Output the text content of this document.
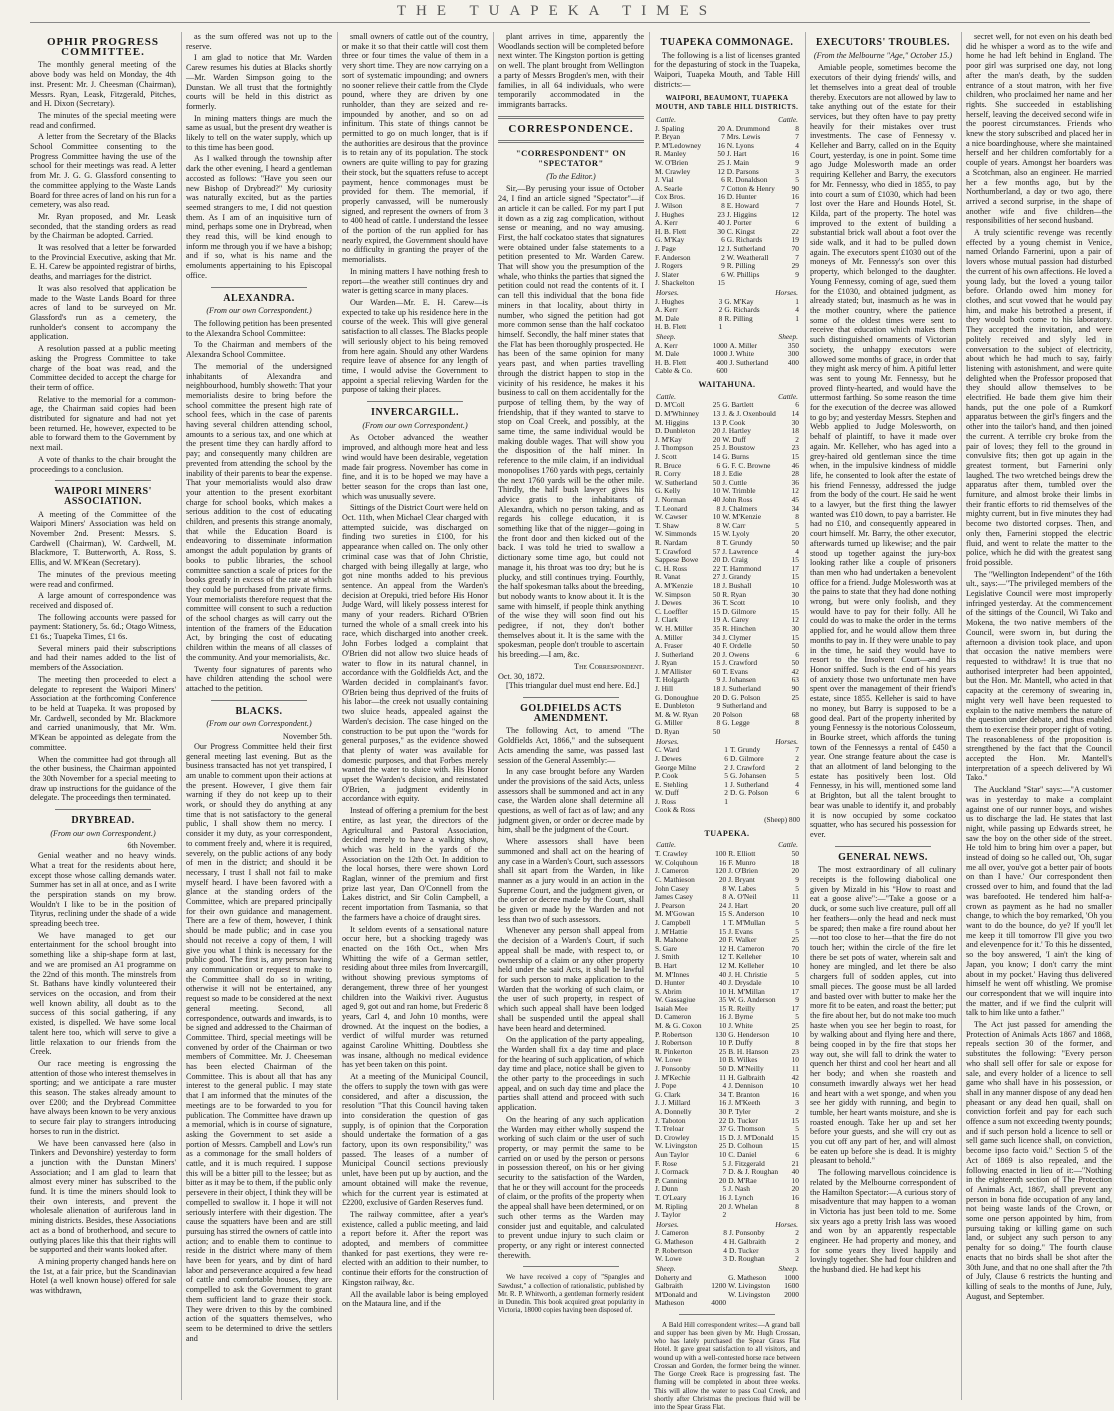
THE TUAPEKA TIMES
OPHIR PROGRESS COMMITTEE.

The monthly general meeting of the above body was held on Monday, the 4th inst. Present: Mr. J. Cheesman (Chairman), Messrs. Ryan, Leask, Fitzgerald, Pitches, and H. Dixon (Secretary).

The minutes of the special meeting were read and confirmed.

A letter from the Secretary of the Blacks School Committee consenting to the Progress Committee having the use of the school for their meetings was read. A letter from Mr. J. G. G. Glassford consenting to the committee applying to the Waste Lands Board for three acres of land on his run for a cemetery, was also read.

Mr. Ryan proposed, and Mr. Leask seconded, that the standing orders as read by the Chairman be adopted. Carried.

It was resolved that a letter be forwarded to the Provincial Executive, asking that Mr. E. H. Carew be appointed registrar of births, deaths, and marriages for the district.

It was also resolved that application be made to the Waste Lands Board for three acres of land to be surveyed on Mr. Glassford's run as a cemetery, the runholder's consent to accompany the application.

A resolution passed at a public meeting asking the Progress Committee to take charge of the boat was read, and the Committee decided to accept the charge for their term of office.

Relative to the memorial for a common-age, the Chairman said copies had been distributed for signature and had not yet been returned. He, however, expected to be able to forward them to the Government by next mail.

A vote of thanks to the chair brought the proceedings to a conclusion.

WAIPORI MINERS' ASSOCIATION.

A meeting of the Committee of the Waipori Miners' Association was held on November 2nd. Present: Messrs. S. Cardwell (Chairman), W. Cardwell, M. Blackmore, T. Butterworth, A. Ross, S. Ellis, and W. M'Kean (Secretary).

The minutes of the previous meeting were read and confirmed.

A large amount of correspondence was received and disposed of.

The following accounts were passed for payment: Stationery, 5s. 6d.; Otago Witness, £1 6s.; Tuapeka Times, £1 6s.

Several miners paid their subscriptions and had their names added to the list of members of the Association.

The meeting then proceeded to elect a delegate to represent the Waipori Miners' Association at the forthcoming Conference to be held at Tuapeka. It was proposed by Mr. Cardwell, seconded by Mr. Blackmore and carried unanimously, that Mr. Wm. M'Kean be appointed as delegate from the committee.

When the committee had got through all the other business, the Chairman appointed the 30th November for a special meeting to draw up instructions for the guidance of the delegate. The proceedings then terminated.

DRYBREAD.
(From our own Correspondent.)
6th November.

Genial weather and no heavy winds. What a treat for the residents about here, except those whose calling demands water. Summer has set in all at once, and as I write the perspiration stands on my brow. Wouldn't I like to be in the position of Tityrus, reclining under the shade of a wide spreading beech tree.

We have managed to get our entertainment for the school brought into something like a ship-shape form at last, and we are promised an A1 programme on the 22nd of this month. The minstrels from St. Bathans have kindly volunteered their services on the occasion, and from their well known ability, all doubt as to the success of this social gathering, if any existed, is dispelled. We have some local talent here too, which will serve to give a little relaxation to our friends from the Creek.

Our race meeting is engrossing the attention of those who interest themselves in sporting; and we anticipate a rare muster this season. The stakes already amount to over £200; and the Drybread Committee have always been known to be very anxious to secure fair play to strangers introducing horses to run in the district.

We have been canvassed here (also in Tinkers and Devonshire) yesterday to form a junction with the Dunstan Miners' Association; and I am glad to learn that almost every miner has subscribed to the fund. It is time the miners should look to their own interests, and prevent the wholesale alienation of auriferous land in mining districts. Besides, these Associations act as a bond of brotherhood, and secure to outlying places like this that their rights will be supported and their wants looked after.

A mining property changed hands here on the 1st, at a fair price, but the Scandinavian Hotel (a well known house) offered for sale was withdrawn,

as the sum offered was not up to the reserve.

I am glad to notice that Mr. Warden Carew resumes his duties at Blacks shortly—Mr. Warden Simpson going to the Dunstan. We all trust that the fortnightly courts will be held in this district as formerly.

In mining matters things are much the same as usual, but the present dry weather is likely to tell on the water supply, which up to this time has been good.

As I walked through the township after dark the other evening, I heard a gentleman accosted as follows: "Have you seen our new Bishop of Drybread?" My curiosity was naturally excited, but as the parties seemed strangers to me, I did not question them. As I am of an inquisitive turn of mind, perhaps some one in Drybread, when they read this, will be kind enough to inform me through you if we have a bishop; and if so, what is his name and the emoluments appertaining to his Episcopal office.

ALEXANDRA.
(From our own Correspondent.)

The following petition has been presented to the Alexandra School Committee:

To the Chairman and members of the Alexandra School Committee.

The memorial of the undersigned inhabitants of Alexandra and neighbourhood, humbly showeth: That your memorialists desire to bring before the school committee the present high rate of school fees, which in the case of parents having several children attending school, amounts to a serious tax, and one which at the present time they can hardly afford to pay; and consequently many children are prevented from attending the school by the inability of their parents to bear the expense. That your memorialists would also draw your attention to the present exorbitant charge for school books, which makes a serious addition to the cost of educating children, and presents this strange anomaly, that while the Education Board is endeavoring to disseminate information amongst the adult population by grants of books to public libraries, the school committee sanction a scale of prices for the books greatly in excess of the rate at which they could be purchased from private firms. Your memorialists therefore request that the committee will consent to such a reduction of the school charges as will carry out the intention of the framers of the Education Act, by bringing the cost of educating children within the means of all classes of the community. And your memorialists, &c.

Twenty four signatures of parents who have children attending the school were attached to the petition.

BLACKS.
(From our own Correspondent.)
November 5th.

Our Progress Committee held their first general meeting last evening. But as the business transacted has not yet transpired, I am unable to comment upon their actions at the present. However, I give them fair warning if they do not keep up to their work, or should they do anything at any time that is not satisfactory to the general public, I shall show them no mercy. I consider it my duty, as your correspondent, to comment freely and, where it is required, severely, on the public actions of any body of men in the district; and should it be necessary, I trust I shall not fail to make myself heard. I have been favored with a glance at the standing orders of the Committee, which are prepared principally for their own guidance and management. There are a few of them, however, I think should be made public; and in case you should not receive a copy of them, I will give you what I think is necessary for the public good. The first is, any person having any communication or request to make to the Committee shall do so in writing, otherwise it will not be entertained, any request so made to be considered at the next general meeting. Second, all correspondence, outwards and inwards, is to be signed and addressed to the Chairman of Committee. Third, special meetings will be convened by order of the Chairman or two members of Committee. Mr. J. Cheeseman has been elected Chairman of the Committee. This is about all that has any interest to the general public. I may state that I am informed that the minutes of the meetings are to be forwarded to you for publication. The Committee have drawn up a memorial, which is in course of signature, asking the Government to set aside a portion of Messrs. Campbell and Low's run as a commonage for the small holders of cattle, and it is much required. I suppose this will be a bitter pill to the lessee; but as bitter as it may be to them, if the public only persevere in their object, I think they will be compelled to swallow it. I hope it will not seriously interfere with their digestion. The cause the squatters have been and are still pursuing has stirred the owners of cattle into action; and to enable them to continue to reside in the district where many of them have been for years, and by dint of hard labor and perseverance acquired a few head of cattle and comfortable houses, they are compelled to ask the Government to grant them sufficient land to graze their stock. They were driven to this by the combined action of the squatters themselves, who seem to be determined to drive the settlers and

small owners of cattle out of the country, or make it so that their cattle will cost them three or four times the value of them in a very short time. They are now carrying on a sort of systematic impounding; and owners no sooner relieve their cattle from the Clyde pound, where they are driven by one runholder, than they are seized and re-impounded by another, and so on ad infinitum. This state of things cannot be permitted to go on much longer, that is if the authorities are desirous that the province is to retain any of its population. The stock owners are quite willing to pay for grazing their stock, but the squatters refuse to accept payment, hence commonages must be provided for them. The memorial, if properly canvassed, will be numerously signed, and represent the owners of from 3 to 400 head of cattle. I understand the lessee of the portion of the run applied for has nearly expired, the Government should have no difficulty in granting the prayer of the memorialists.

In mining matters I have nothing fresh to report—the weather still continues dry and water is getting scarce in many places.

Our Warden—Mr. E. H. Carew—is expected to take up his residence here in the course of the week. This will give general satisfaction to all classes. The Blacks people will seriously object to his being removed from here again. Should any other Wardens require leave of absence for any length of time, I would advise the Government to appoint a special relieving Warden for the purpose of taking their places.

INVERCARGILL.
(From our own Correspondent.)

As October advanced the weather improved, and although more heat and less wind would have been desirable, vegetation made fair progress. November has come in fine, and it is to be hoped we may have a better season for the crops than last one, which was unusually severe.

Sittings of the District Court were held on Oct. 11th, when Michael Clear charged with attempted suicide, was discharged on finding two sureties in £100, for his appearance when called on. The only other criminal case was that of John Christie, charged with being illegally at large, who got nine months added to his previous sentence. An appeal from the Warden's decision at Orepuki, tried before His Honor Judge Ward, will likely possess interest for many of your readers. Richard O'Brien turned the whole of a small creek into his race, which discharged into another creek. John Forbes lodged a complaint that O'Brien did not allow two sluice heads of water to flow in its natural channel, in accordance with the Goldfields Act, and the Warden decided in complainant's favor. O'Brien being thus deprived of the fruits of his labor—the creek not usually containing two sluice heads, appealed against the Warden's decision. The case hinged on the construction to be put upon the "words for general purposes," as the evidence showed that plenty of water was available for domestic purposes, and that Forbes merely wanted the water to sluice with. His Honor upset the Warden's decision, and reinstated O'Brien, a judgment evidently in accordance with equity.

Instead of offering a premium for the best entire, as last year, the directors of the Agricultural and Pastoral Association, decided merely to have a walking show, which was held in the yards of the Association on the 12th Oct. In addition to the local horses, there were shown Lord Raglan, winner of the premium and first prize last year, Dan O'Connell from the Lakes district, and Sir Colin Campbell, a recent importation from Tasmania, so that the farmers have a choice of draught sires.

It seldom events of a sensational nature occur here, but a shocking tragedy was enacted on the 16th Oct., when Mrs Whitting the wife of a German settler, residing about three miles from Invercargill, without showing previous symptoms of derangement, threw three of her youngest children into the Waikivi river. Augustus aged 9, got out and ran home, but Frederic 8 years, Carl 4, and John 10 months, were drowned. At the inquest on the bodies, a verdict of wilful murder was returned against Caroline Whitting. Doubtless she was insane, although no medical evidence has yet been taken on this point.

At a meeting of the Municipal Council, the offers to supply the town with gas were considered, and after a discussion, the resolution "That this Council having taken into consideration the question of gas supply, is of opinion that the Corporation should undertake the formation of a gas factory, upon its own responsibility," was passed. The leases of a number of Municipal Council sections previously unlet, have been put up by auction, and the amount obtained will make the revenue, which for the current year is estimated at £2200, exclusive of Garden Reserves fund.

The railway committee, after a year's existence, called a public meeting, and laid a report before it. After the report was adopted, and members of committee thanked for past exertions, they were re-elected with an addition to their number, to continue their efforts for the construction of Kingston railway, &c.

All the available labor is being employed on the Mataura line, and if the

plant arrives in time, apparently the Woodlands section will be completed before next winter. The Kingston portion is getting on well. The plant brought from Wellington a party of Messrs Brogden's men, with their families, in all 64 individuals, who were temporarily accommodated in the immigrants barracks.

CORRESPONDENCE.
"CORRESPONDENT" ON "SPECTATOR"
(To the Editor.)

Sir,—By perusing your issue of October 24, I find an article signed "Spectator"—if an article it can be called. For my part I put it down as a zig zag complication, without sense or meaning, and no way amusing. First, the half cockatoo states that signatures were obtained under false statements to a petition presented to Mr. Warden Carew. That will show you the presumption of the whale, who thinks the parties that signed the petition could not read the contents of it. I can tell this individual that the bona fide miners in that locality, about thirty in number, who signed the petition had got more common sense than the half cockatoo himself. Secondly, the half miner states that the Flat has been thoroughly prospected. He has been of the same opinion for many years past, and when parties travelling through the district happen to stop in the vicinity of his residence, he makes it his business to call on them accidentally for the purpose of telling them, by the way of friendship, that if they wanted to starve to stop on Coal Creek, and possibly, at the same time, the same individual would be making double wages. That will show you the disposition of the half miner. In reference to the mile claim, if an individual monopolises 1760 yards with pegs, certainly the next 1760 yards will be the other mile. Thirdly, the half bush lawyer gives his advice gratis to the inhabitants of Alexandra, which no person taking, and as regards his college education, it is something like that of the nigger—going in the front door and then kicked out of the back. I was told he tried to swallow a dictionary some time ago, but could not manage it, his throat was too dry; but he is plucky, and still continues trying. Fourthly, the half spokesman talks about the breeding, but nobody wants to know about it. It is the same with himself, if people think anything of the wise they will soon find out his pedigree, if not, they don't bother themselves about it. It is the same with the spokesman, people don't trouble to ascertain his breeding.—I am, &c.

The Correspondent.
Oct. 30, 1872.

[This triangular duel must end here. Ed.]

GOLDFIELDS ACTS AMENDMENT.

The following Act, to amend "The Goldfields Act, 1866," and the subsequent Acts amending the same, was passed last session of the General Assembly:—

In any case brought before any Warden under the provisions of the said Acts, unless assessors shall be summoned and act in any case, the Warden alone shall determine all questions, as well of fact as of law; and any judgment given, or order or decree made by him, shall be the judgment of the Court.

Where assessors shall have been summoned and shall act on the hearing of any case in a Warden's Court, such assessors shall sit apart from the Warden, in like manner as a jury would in an action in the Supreme Court, and the judgment given, or the order or decree made by the Court, shall be given or made by the Warden and not less than two of such assessors.

Whenever any person shall appeal from the decision of a Warden's Court, if such appeal shall be made, with respect to, or ownership of a claim or any other property held under the said Acts, it shall be lawful for such person to make application to the Warden that the working of such claim, or the user of such property, in respect of which such appeal shall have been lodged shall be suspended until the appeal shall have been heard and determined.

On the application of the party appealing, the Warden shall fix a day time and place for the hearing of such application, of which day time and place, notice shall be given to the other party to the proceedings in such appeal, and on such day time and place the parties shall attend and proceed with such application.

On the hearing of any such application the Warden may either wholly suspend the working of such claim or the user of such property, or may permit the same to be carried on or used by the person or persons in possession thereof, on his or her giving security to the satisfaction of the Warden, that he or they will account for the proceeds of claim, or the profits of the property when the appeal shall have been determined, or on such other terms as the Warden may consider just and equitable, and calculated to prevent undue injury to such claim or property, or any right or interest connected therewith.

We have received a copy of "Spangles and Sawdust," a collection of rationalistic, published by Mr. R. P. Whitworth, a gentleman formerly resident in Dunedin. This book acquired great popularity in Victoria, 18000 copies having been disposed of.

TUAPEKA COMMONAGE.

The following is a list of licenses granted for the depasturing of stock in the Tuapeka, Waipori, Tuapeka Mouth, and Table Hill districts:—

WAIPORI, BEAUMONT, TUAPEKA MOUTH, AND TABLE HILL DISTRICTS.
Cattle.	Cattle.
J. Spaling	20	A. Drummond	8
P. Bryan	7	Mrs. Lewis	7
P. M'Ledowney	16	N. Lyons	4
R. Manley	50	J. Hart	16
W. O'Brien	25	J. Main	9
M. Crawley	12	D. Parsons	3
J. Vial	6	R. Donaldson	5
A. Searle	7	Cotton & Henry	90
Cox Bros.	16	D. Hunter	16
J. Wilson	8	E. Howard	7
J. Hughes	23	J. Higgins	12
A. Kerr	40	J. Porter	6
H. B. Flett	30	C. Kingst	22
G. M'Kay	6	G. Richards	19
J. Page	12	J. Sutherland	70
F. Anderson	2	W. Weatherall	7
J. Rogers	9	R. Pilling	29
J. Slater	6	W. Phillips	9
J. Shackelton	15		
Horses.	Horses.
J. Hughes	3	G. M'Kay	1
A. Kerr	2	G. Richards	4
M. Dale	8	R. Pilling	1
H. B. Flett	1		
Sheep.	Sheep.
A. Kerr	1000	A. Miller	350
M. Dale	1000	J. White	300
H. B. Flett	400	J. Sutherland	400
Cable & Co.	600		
WAITAHUNA.
Cattle.	Cattle.
D. M'Coll	25	G. Bartlett	6
D. M'Whinney	13	J. & J. Oxenbould	14
M. Higgins	13	P. Cook	30
D. Dunbleton	20	J. Hartley	18
J. M'Kay	20	W. Duff	2
J. Thompson	25	J. Boustow	23
J. Scott	14	G. Burns	15
R. Bruce	6	G. F. C. Browne	46
R. Corry	18	J. Edie	28
W. Sutherland	50	J. Cuttle	36
G. Kelly	10	W. Trimble	12
J. Norman	40	John Ross	45
T. Leonard	8	J. Chalmers	34
W. Cawser	10	W. M'Kenzie	8
T. Shaw	8	W. Carr	5
W. Simmonds	15	W. Lyoly	20
R. Nardam	8	T. Grundy	50
T. Crawford	57	J. Lawrence	4
Sappese Bowe	20	D. Craig	15
C. H. Ross	22	T. Hammond	17
R. Vanat	27	J. Grandy	15
A. M'Kenzie	18	J. Bushall	10
W. Simpson	50	R. Ryan	30
J. Dewes	36	T. Scott	10
C. Loeffler	15	D. Gilmore	15
J. Clark	19	A. Carey	12
W. H. Miller	35	R. Hinchen	30
A. Miller	34	J. Clymer	15
A. Fraser	40	F. Ordelle	50
J. Sutherland	20	J. Owens	6
J. Ryan	15	J. Crawford	50
J. M'Allister	60	T. Evans	42
T. Holgarth	9	J. Johansen	63
J. Hill	18	J. Sutherland	90
G. Donoughue	20	D. G. Polson	25
E. Dunbleton	9	Sutherland and	
M. & W. Ryan	20	Polson	68
G. Miller	8	G. Legge	8
D. Ryan	50		
Horses.	Horses.
C. Ward	1	T. Grundy	7
J. Dewes	6	D. Gilmore	2
George Milne	2	J. Crawford	2
P. Cook	5	G. Johansen	5
E. Stehling	1	J. Sutherland	4
W. Duff	2	D. G. Polson	6
J. Ross	1		
Cook & Ross			
(Sheep) 800
TUAPEKA.
Cattle.	Cattle.
T. Crawley	100	R. Elliott	50
W. Colquhoun	16	F. Munro	18
J. Cameron	120	J. O'Brien	20
C. Mathieson	20	J. Bryant	9
John Casey	8	W. Labes	5
James Casey	8	A. O'Neil	11
J. Pearson	24	J. Hart	20
M. M'Gowan	15	S. Anderson	10
J. Campbell	1	T. M'Mullan	5
J. M'Hattie	15	J. Evans	5
R. Mahone	20	F. Walker	25
S. Gare	12	H. Cameron	70
J. Smith	12	T. Kelleher	10
B. Hart	12	M. Kelleher	10
M. M'Innes	40	J. H. Christie	5
D. Hunter	40	J. Drysdale	10
S. Abrim	10	H. M'Millan	17
W. Gassagiue	35	W. G. Anderson	9
Isaiah Mee	15	R. Reilly	17
D. Cameron	16	J. Byrne	5
M. & G. Coxon	10	J. White	25
P. Robertson	130	G. Henderson	10
J. Robertson	10	P. Duffy	8
R. Pinkerton	25	B. H. Hanson	23
W. Lowe	10	B. Wilkes	10
J. Ponsonby	50	D. M'Neilly	11
J. M'Kechie	11	H. Galbraith	42
J. Pope	4	J. Dennison	10
G. Clark	34	T. Branton	16
J. J. Millard	16	J. M'Keeth	3
A. Donnelly	30	P. Tyler	2
J. Taboton	22	D. Tucker	15
T. Treloar	37	G. Thomson	5
D. Crowley	15	D. J. M'Donald	15
W. Livingston	25	D. Colhoun	15
Aun Taylor	10	C. Daniel	6
F. Rose	5	J. Fitzgerald	21
J. Cormack	7	D. & J. Roughan	40
P. Canning	20	D. M'Rae	10
J. Dunn	5	J. Nash	20
T. O'Leary	16	J. Lynch	16
M. Ripling	20	J. Whelan	8
J. Taylor	2		
Horses.	Horses.
J. Cameron	8	J. Ponsonby	2
G. Matheson	4	H. Galbraith	2
P. Robertson	4	D. Tucker	3
W. Lowe	3	D. Roughan	2
Sheep.	Sheep.
Doherty and		G. Matheson	1000
Galbraith	1200	W. Livingston	1600
M'Donald and		W. Livingston	2000
Matheson	4000		

A Bald Hill correspondent writes:—A grand ball and supper has been given by Mr. Hugh Crossan, who has lately purchased the Spear Grass Flat Hotel. It gave great satisfaction to all visitors, and wound up with a well-contested horse race between Crossan and Gorden, the former being the winner. The Gorge Creek Race is progressing fast. The fluming will be completed in about three weeks. This will allow the water to pass Coal Creek, and shortly after Christmas the precious fluid will be into the Spear Grass Flat.

EXECUTORS' TROUBLES.
(From the Melbourne "Age," October 15.)

Amiable people, sometimes become the executors of their dying friends' wills, and let themselves into a great deal of trouble thereby. Executors are not allowed by law to take anything out of the estate for their services, but they often have to pay pretty heavily for their mistakes over trust investments. The case of Fennessy v. Kelleher and Barry, called on in the Equity Court, yesterday, is one in point. Some time ago Judge Molesworth made an order requiring Kelleher and Barry, the executors for Mr. Fennessy, who died in 1855, to pay into court a sum of £1030, which had been lost over the Hare and Hounds Hotel, St. Kilda, part of the property. The hotel was improved to the extent of building a substantial brick wall about a foot over the side walk, and it had to be pulled down again. The executors spent £1030 out of the moneys of Mr. Fennessy's son over this property, which belonged to the daughter. Young Fennessy, coming of age, sued them for the £1030, and obtained judgment, as already stated; but, inasmuch as he was in the mother country, where the patience some of the oldest times were sent to receive that education which makes them such distinguished ornaments of Victorian society, the unhappy executors were allowed some months of grace, in order that they might ask mercy of him. A pitiful letter was sent to young Mr. Fennessy, but he proved flinty-hearted, and would have the uttermost farthing. So some reason the time for the execution of the decree was allowed to go by; and yesterday Messrs. Stephen and Webb applied to Judge Molesworth, on behalf of plaintiff, to have it made over again. Mr. Kelleher, who has aged into a grey-haired old gentleman since the time when, in the impulsive kindness of middle life, he consented to look after the estate of his friend Fennessy, addressed the judge from the body of the court. He said he went to a lawyer, but the first thing the lawyer wanted was £10 down, to pay a barrister. He had no £10, and consequently appeared in court himself. Mr. Barry, the other executor, afterwards turned up likewise; and the pair stood up together against the jury-box looking rather like a couple of prisoners than men who had undertaken a benevolent office for a friend. Judge Molesworth was at the pains to state that they had done nothing wrong, but were only foolish, and they would have to pay for their folly. All he could do was to make the order in the terms applied for, and he would allow them three months to pay in. If they were unable to pay in the time, he said they would have to resort to the Insolvent Court—and his Honor sniffed. Such is the end of his years of anxiety those two unfortunate men have spent over the management of their friend's estate, since 1855. Kelleher is said to have no money, but Barry is supposed to be a good deal. Part of the property inherited by young Fennessy is the notorious Colosseum, in Bourke street, which affords the tuning town of the Fennessys a rental of £450 a year. One strange feature about the case is that an allotment of land belonging to the estate has positively been lost. Old Fennessy, in his will, mentioned some land at Brighton, but all the talent brought to bear was unable to identify it, and probably it is now occupied by some cockatoo squatter, who has secured his possession for ever.

GENERAL NEWS.

The most extraordinary of all culinary receipts is the following diabolical one given by Mizald in his "How to roast and eat a goose alive":—"Take a goose or a duck, or some such live creature, pull off all her feathers—only the head and neck must be spared; then make a fire round about her—not too close to her—that the fire do not touch her; within the circle of the fire let there be set pots of water, wherein salt and honey are mingled, and let there be also chargers full of sodden apples, cut into small pieces. The goose must be all larded and basted over with butter to make her the more fit to be eaten, and roast the better; put the fire about her, but do not make too much haste when you see her begin to roast, for by walking about and flying here and there, being cooped in by the fire that stops her way out, she will fall to drink the water to quench her thirst and cool her heart and all her body; and when she roasteth and consumeth inwardly always wet her head and heart with a wet sponge, and when you see her giddy with running, and begin to tumble, her heart wants moisture, and she is roasted enough. Take her up and set her before your guests, and she will cry out as you cut off any part of her, and will almost be eaten up before she is dead. It is mighty pleasant to behold."

The following marvellous coincidence is related by the Melbourne correspondent of the Hamilton Spectator:—A curious story of misadventure that may happen to a woman in Victoria has just been told to me. Some six years ago a pretty Irish lass was wooed and won by an apparently respectable engineer. He had property and money, and for some years they lived happily and lovingly together. She had four children and the husband died. He had kept his

secret well, for not even on his death bed did he whisper a word as to the wife and home he had left behind in England. The poor girl was surprised one day, not long after the man's death, by the sudden entrance of a stout matron, with her five children, who proclaimed her name and her rights. She succeeded in establishing herself, leaving the deceived second wife in the poorest circumstances. Friends who knew the story subscribed and placed her in a nice boardinghouse, where she maintained herself and her children comfortably for a couple of years. Amongst her boarders was a Scotchman, also an engineer. He married her a few months ago, but by the Northumberland, a day or two ago, there arrived a second surprise, in the shape of another wife and five children—the responsibilities of her second husband.

A truly scientific revenge was recently effected by a young chemist in Venice, named Orlando Farnerini, upon a pair of lovers whose mutual passion had disturbed the current of his own affections. He loved a young lady, but the loved a young tailor before. Orlando owed him money for clothes, and scut vowed that he would pay him, and make his betrothed a present, if they would both come to his laboratory. They accepted the invitation, and were politely received and slyly led in conversation to the subject of electricity, about which he had much to say, fairly listening with astonishment, and were quite delighted when the Professor proposed that they should allow themselves to be electrified. He bade them give him their hands, put the one pole of a Rumkorf apparatus between the girl's fingers and the other into the tailor's hand, and then joined the current. A terrible cry broke from the pair of loves; they fell to the ground in convulsive fits; then got up again in the greatest torment, but Farnerini only laughed. The two wretched beings drew the apparatus after them, tumbled over the furniture, and almost broke their limbs in their frantic efforts to rid themselves of the mighty current, but in five minutes they had become two distorted corpses. Then, and only then, Farnerini stopped the electric fluid, and went to relate the matter to the police, which he did with the greatest sang froid possible.

The "Wellington Independent" of the 16th ult., says:—"The privileged members of the Legislative Council were most improperly infringed yesterday. At the commencement of the sittings of the Council, Wi Tako and Mokena, the two native members of the Council, were sworn in, but during the afternoon a division took place, and upon that occasion the native members were requested to withdraw! It is true that no authorised interpreter had been appointed, but the Hon. Mr. Mantell, who acted in that capacity at the ceremony of swearing in, might very well have been requested to explain to the native members the nature of the question under debate, and thus enabled them to exercise their proper right of voting. The reasonableness of the proposition is strengthened by the fact that the Council accepted the Hon. Mr. Mantell's interpretation of a speech delivered by Wi Tako."

The Auckland "Star" says:—"A customer was in yesterday to make a complaint against one of our runner boys, and wishes us to discharge the lad. He states that last night, while passing up Edwards street, he saw the boy on the other side of the street. He told him to bring him over a paper, but instead of doing so he called out, 'Oh, sugar me all over, you've got a better pair of boots on than I have.' Our correspondent then crossed over to him, and found that the lad was barefooted. He tendered him half-a-crown as payment as he had no smaller change, to which the boy remarked, 'Oh you want to do the bounce, do ye? If you'll let me keep it till tomorrow I'll give you two and elevenpence for it.' To this he dissented, so the boy answered, 'I ain't the king of Japan, you know; I don't carry the mint about in my pocket.' Having thus delivered himself he went off whistling. We promise our correspondent that we will inquire into the matter, and if we find the culprit will talk to him like unto a father."

The Act just passed for amending the Protection of Animals Acts 1867 and 1868, repeals section 30 of the former, and substitutes the following: "Every person who shall sell offer for sale or expose for sale, and every holder of a licence to sell game who shall have in his possession, or shall in any manner dispose of any dead hen pheasant or any dead hen quail, shall on conviction forfeit and pay for each such offence a sum not exceeding twenty pounds; and if such person hold a licence to sell or sell game such licence shall, on conviction, become ipso facto void." Section 5 of the Act of 1869 is also repealed, and the following enacted in lieu of it:—"Nothing in the eighteenth section of The Protection of Animals Act, 1867, shall prevent any person in bona fide occupation of any land, not being waste lands of the Crown, or some one person appointed by him, from pursuing taking or killing game on such land, or subject any such person to any penalty for so doing." The fourth clause enacts that no birds shall be shot after the 30th June, and that no one shall after the 7th of July, Clause 6 restricts the hunting and killing of seals to the months of June, July, August, and September.
